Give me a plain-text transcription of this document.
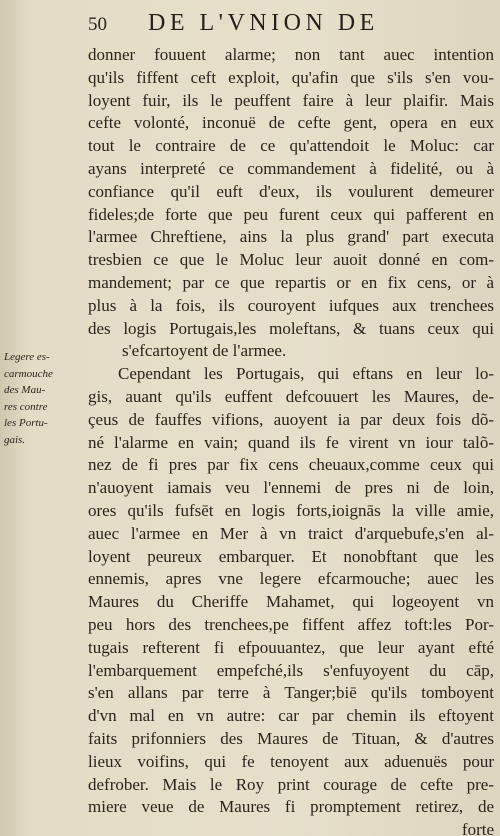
50 DE L'VNION DE
Legere es-
carmouche
des Mau-
res contre
les Portu-
gais.
donner fouuent alarme; non tant auec intention
qu'ils fiffent ceft exploit, qu'afin que s'ils s'en vou-
loyent fuir, ils le peuffent faire à leur plaifir. Mais
cefte volonté, inconuë de cefte gent, opera en eux
tout le contraire de ce qu'attendoit le Moluc: car
ayans interpreté ce commandement à fidelité, ou à
confiance qu'il euft d'eux, ils voulurent demeurer
fideles;de forte que peu furent ceux qui pafferent en
l'armee Chreftiene, ains la plus grand' part executa
tresbien ce que le Moluc leur auoit donné en com-
mandement; par ce que repartis or en fix cens, or à
plus à la fois, ils couroyent iufques aux trenchees
des logis Portugais,les moleftans, & tuans ceux qui
s'efcartoyent de l'armee.
Cependant les Portugais, qui eftans en leur lo-
gis, auant qu'ils euffent defcouuert les Maures, de-
çeus de fauffes vifions, auoyent ia par deux fois dõ-
né l'alarme en vain; quand ils fe virent vn iour talõ-
nez de fi pres par fix cens cheuaux,comme ceux qui
n'auoyent iamais veu l'ennemi de pres ni de loin,
ores qu'ils fufsēt en logis forts,ioignās la ville amie,
auec l'armee en Mer à vn traict d'arquebufe,s'en al-
loyent peureux embarquer. Et nonobftant que les
ennemis, apres vne legere efcarmouche; auec les
Maures du Cheriffe Mahamet, qui logeoyent vn
peu hors des trenchees,pe fiffent affez toft:les Por-
tugais refterent fi efpouuantez, que leur ayant efté
l'embarquement empefché,ils s'enfuyoyent du cāp,
s'en allans par terre à Tanger;biē qu'ils tomboyent
d'vn mal en vn autre: car par chemin ils eftoyent
faits prifonniers des Maures de Tituan, & d'autres
lieux voifins, qui fe tenoyent aux aduenuës pour
defrober. Mais le Roy print courage de cefte pre-
miere veue de Maures fi promptement retirez, de
forte
